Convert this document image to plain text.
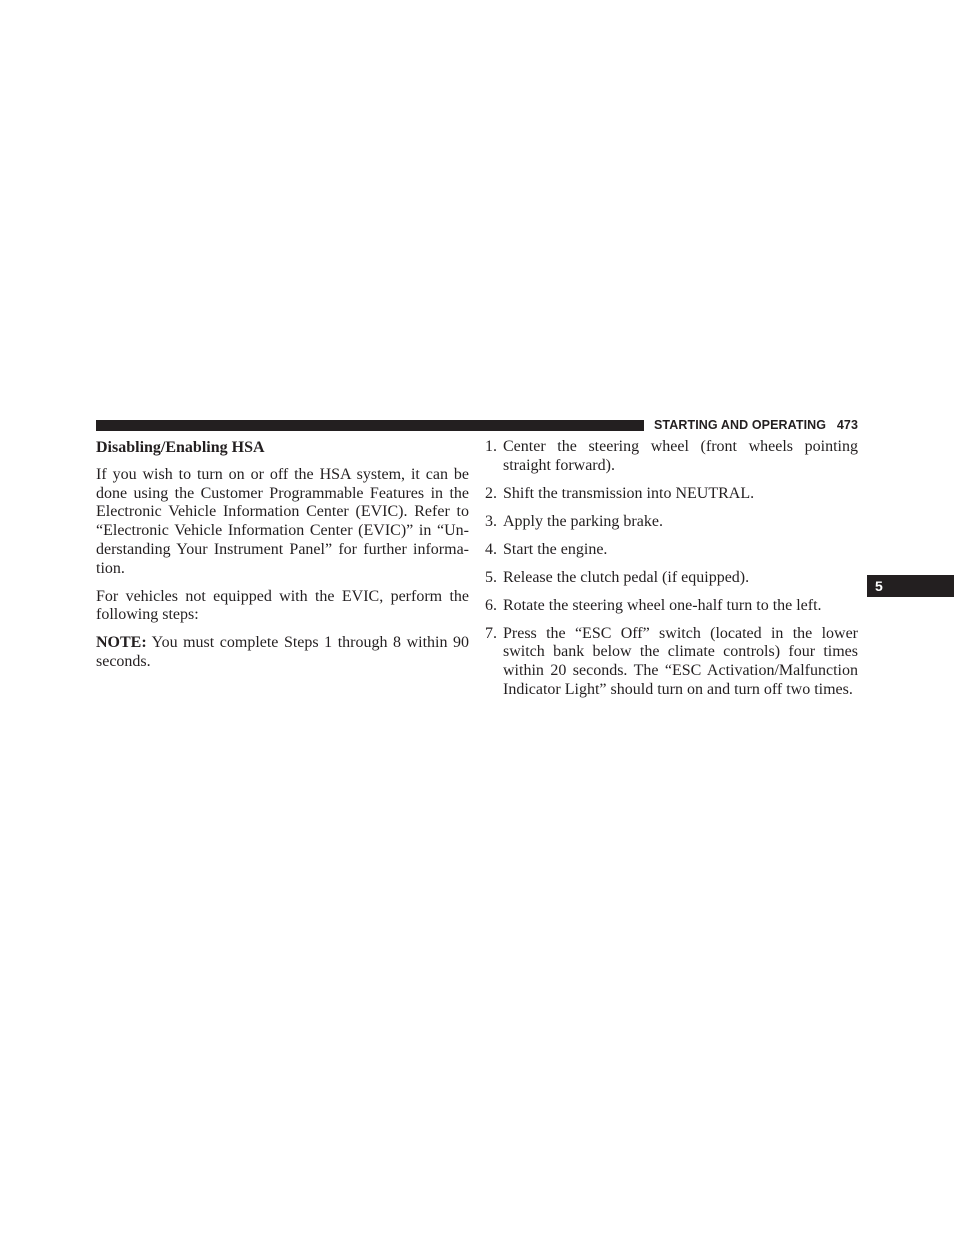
STARTING AND OPERATING 473
5
Disabling/Enabling HSA

If you wish to turn on or off the HSA system, it can be done using the Customer Programmable Features in the Electronic Vehicle Information Center (EVIC). Refer to “Electronic Vehicle Information Center (EVIC)” in “Understanding Your Instrument Panel” for further information.

For vehicles not equipped with the EVIC, perform the following steps:

NOTE: You must complete Steps 1 through 8 within 90 seconds.

1. Center the steering wheel (front wheels pointing straight forward).
2. Shift the transmission into NEUTRAL.
3. Apply the parking brake.
4. Start the engine.
5. Release the clutch pedal (if equipped).
6. Rotate the steering wheel one-half turn to the left.
7. Press the “ESC Off” switch (located in the lower switch bank below the climate controls) four times within 20 seconds. The “ESC Activation/Malfunction Indicator Light” should turn on and turn off two times.
